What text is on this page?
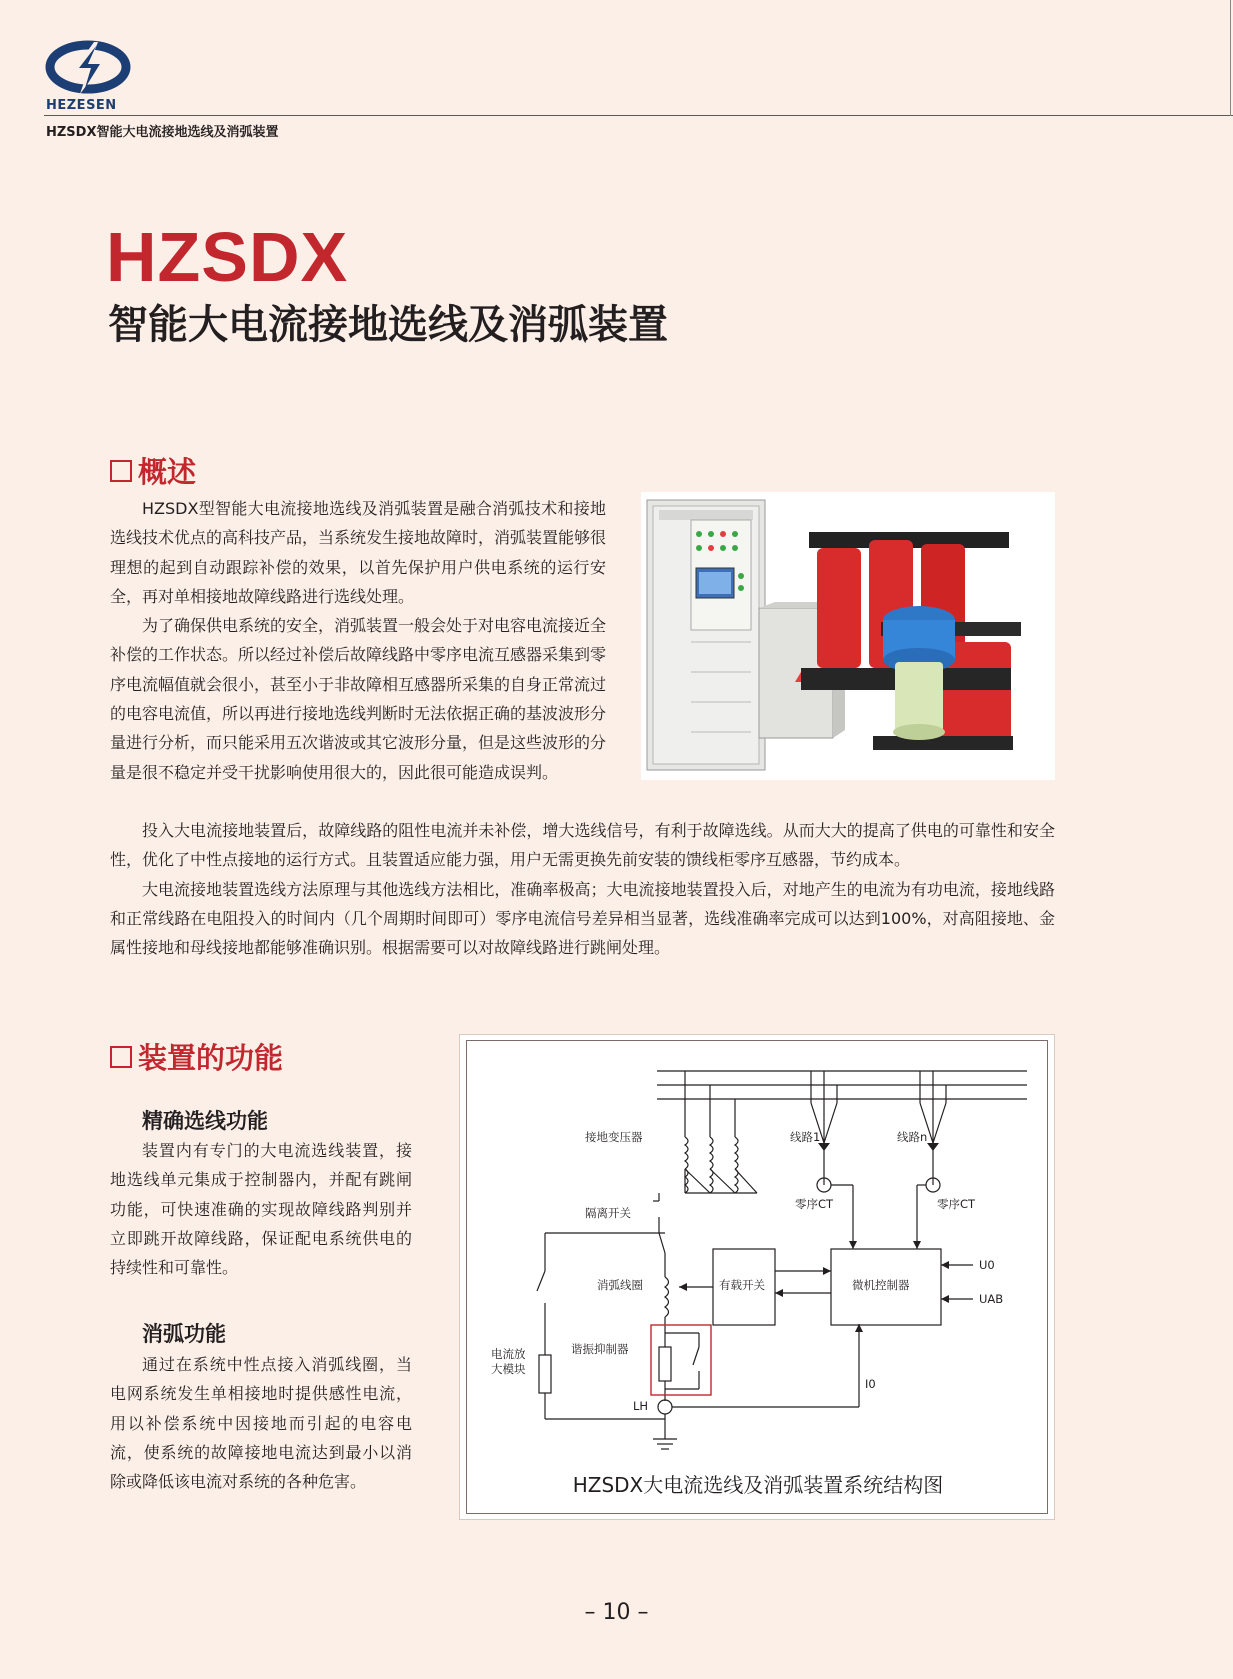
HEZESEN
HZSDX智能大电流接地选线及消弧装置
HZSDX
智能大电流接地选线及消弧装置
概述

HZSDX型智能大电流接地选线及消弧装置是融合消弧技术和接地选线技术优点的高科技产品，当系统发生接地故障时，消弧装置能够很理想的起到自动跟踪补偿的效果，以首先保护用户供电系统的运行安全，再对单相接地故障线路进行选线处理。

为了确保供电系统的安全，消弧装置一般会处于对电容电流接近全补偿的工作状态。所以经过补偿后故障线路中零序电流互感器采集到零序电流幅值就会很小，甚至小于非故障相互感器所采集的自身正常流过的电容电流值，所以再进行接地选线判断时无法依据正确的基波波形分量进行分析，而只能采用五次谐波或其它波形分量，但是这些波形的分量是很不稳定并受干扰影响使用很大的，因此很可能造成误判。

投入大电流接地装置后，故障线路的阻性电流并未补偿，增大选线信号，有利于故障选线。从而大大的提高了供电的可靠性和安全性，优化了中性点接地的运行方式。且装置适应能力强，用户无需更换先前安装的馈线柜零序互感器，节约成本。

大电流接地装置选线方法原理与其他选线方法相比，准确率极高；大电流接地装置投入后，对地产生的电流为有功电流，接地线路和正常线路在电阻投入的时间内（几个周期时间即可）零序电流信号差异相当显著，选线准确率完成可以达到100%，对高阻接地、金属性接地和母线接地都能够准确识别。根据需要可以对故障线路进行跳闸处理。

装置的功能
精确选线功能

装置内有专门的大电流选线装置，接地选线单元集成于控制器内，并配有跳闸功能，可快速准确的实现故障线路判别并立即跳开故障线路，保证配电系统供电的持续性和可靠性。

消弧功能

通过在系统中性点接入消弧线圈，当电网系统发生单相接地时提供感性电流，用以补偿系统中因接地而引起的电容电流，使系统的故障接地电流达到最小以消除或降低该电流对系统的各种危害。

接地变压器	线路1	线路n
零序CT	零序CT
隔离开关
消弧线圈	有载开关	微机控制器
谐振抑制器
电流放大模块
LH
U0
UAB
I0
HZSDX大电流选线及消弧装置系统结构图
– 10 –
